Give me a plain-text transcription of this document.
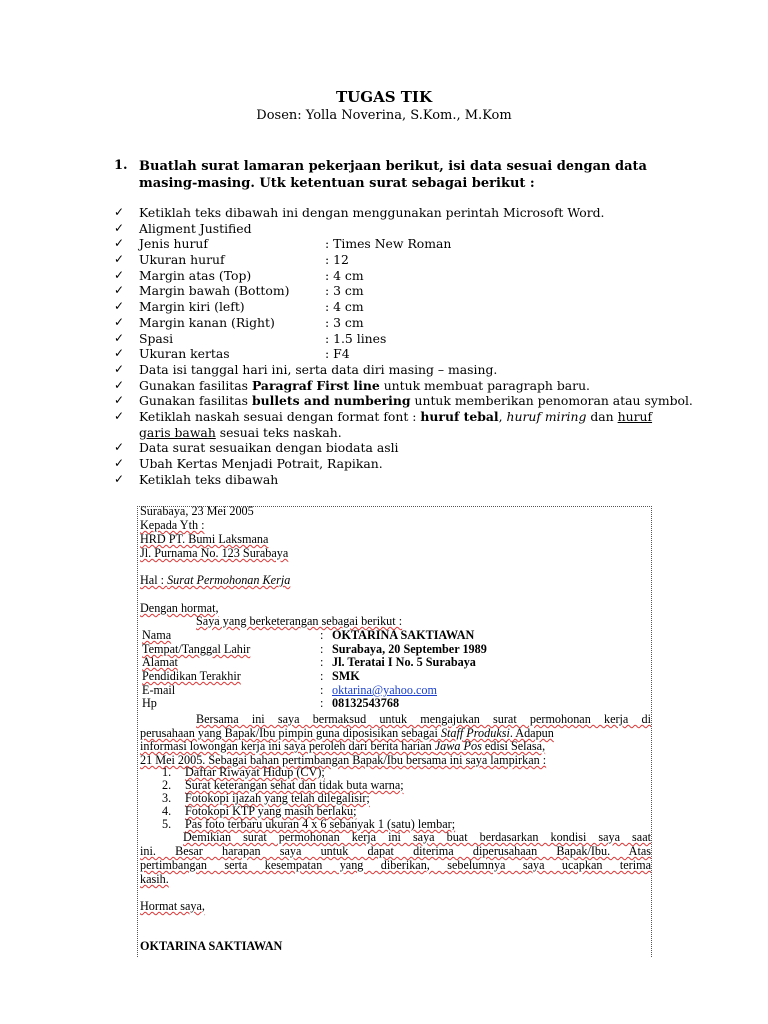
TUGAS TIK
Dosen: Yolla Noverina, S.Kom., M.Kom
1. Buatlah surat lamaran pekerjaan berikut, isi data sesuai dengan data masing-masing. Utk ketentuan surat sebagai berikut :
✓ Ketiklah teks dibawah ini dengan menggunakan perintah Microsoft Word.
✓ Aligment Justified
✓ Jenis huruf	: Times New Roman
✓ Ukuran huruf	: 12
✓ Margin atas (Top)	: 4 cm
✓ Margin bawah (Bottom)	: 3 cm
✓ Margin kiri (left)	: 4 cm
✓ Margin kanan (Right)	: 3 cm
✓ Spasi	: 1.5 lines
✓ Ukuran kertas	: F4
✓ Data isi tanggal hari ini, serta data diri masing – masing.
✓ Gunakan fasilitas Paragraf First line untuk membuat paragraph baru.
✓ Gunakan fasilitas bullets and numbering untuk memberikan penomoran atau symbol.
✓ Ketiklah naskah sesuai dengan format font : huruf tebal, huruf miring dan huruf garis bawah sesuai teks naskah.
✓ Data surat sesuaikan dengan biodata asli
✓ Ubah Kertas Menjadi Potrait, Rapikan.
✓ Ketiklah teks dibawah
Surabaya, 23 Mei 2005
Kepada Yth :
HRD PT. Bumi Laksmana
Jl. Purnama No. 123 Surabaya
Hal : Surat Permohonan Kerja
Dengan hormat,
Saya yang berketerangan sebagai berikut :
Nama	: OKTARINA SAKTIAWAN
Tempat/Tanggal Lahir	: Surabaya, 20 September 1989
Alamat	: Jl. Teratai I No. 5 Surabaya
Pendidikan Terakhir	: SMK
E-mail	: oktarina@yahoo.com
Hp	: 08132543768
Bersama ini saya bermaksud untuk mengajukan surat permohonan kerja di
perusahaan yang Bapak/Ibu pimpin guna diposisikan sebagai Staff Produksi. Adapun
informasi lowongan kerja ini saya peroleh dari berita harian Jawa Pos edisi Selasa,
21 Mei 2005. Sebagai bahan pertimbangan Bapak/Ibu bersama ini saya lampirkan :
1. Daftar Riwayat Hidup (CV);
2. Surat keterangan sehat dan tidak buta warna;
3. Fotokopi ijazah yang telah dilegalisir;
4. Fotokopi KTP yang masih berlaku;
5. Pas foto terbaru ukuran 4 x 6 sebanyak 1 (satu) lembar;
Demikian surat permohonan kerja ini saya buat berdasarkan kondisi saya saat
ini. Besar harapan saya untuk dapat diterima diperusahaan Bapak/Ibu. Atas
pertimbangan serta kesempatan yang diberikan, sebelumnya saya ucapkan terima
kasih.
Hormat saya,
OKTARINA SAKTIAWAN
